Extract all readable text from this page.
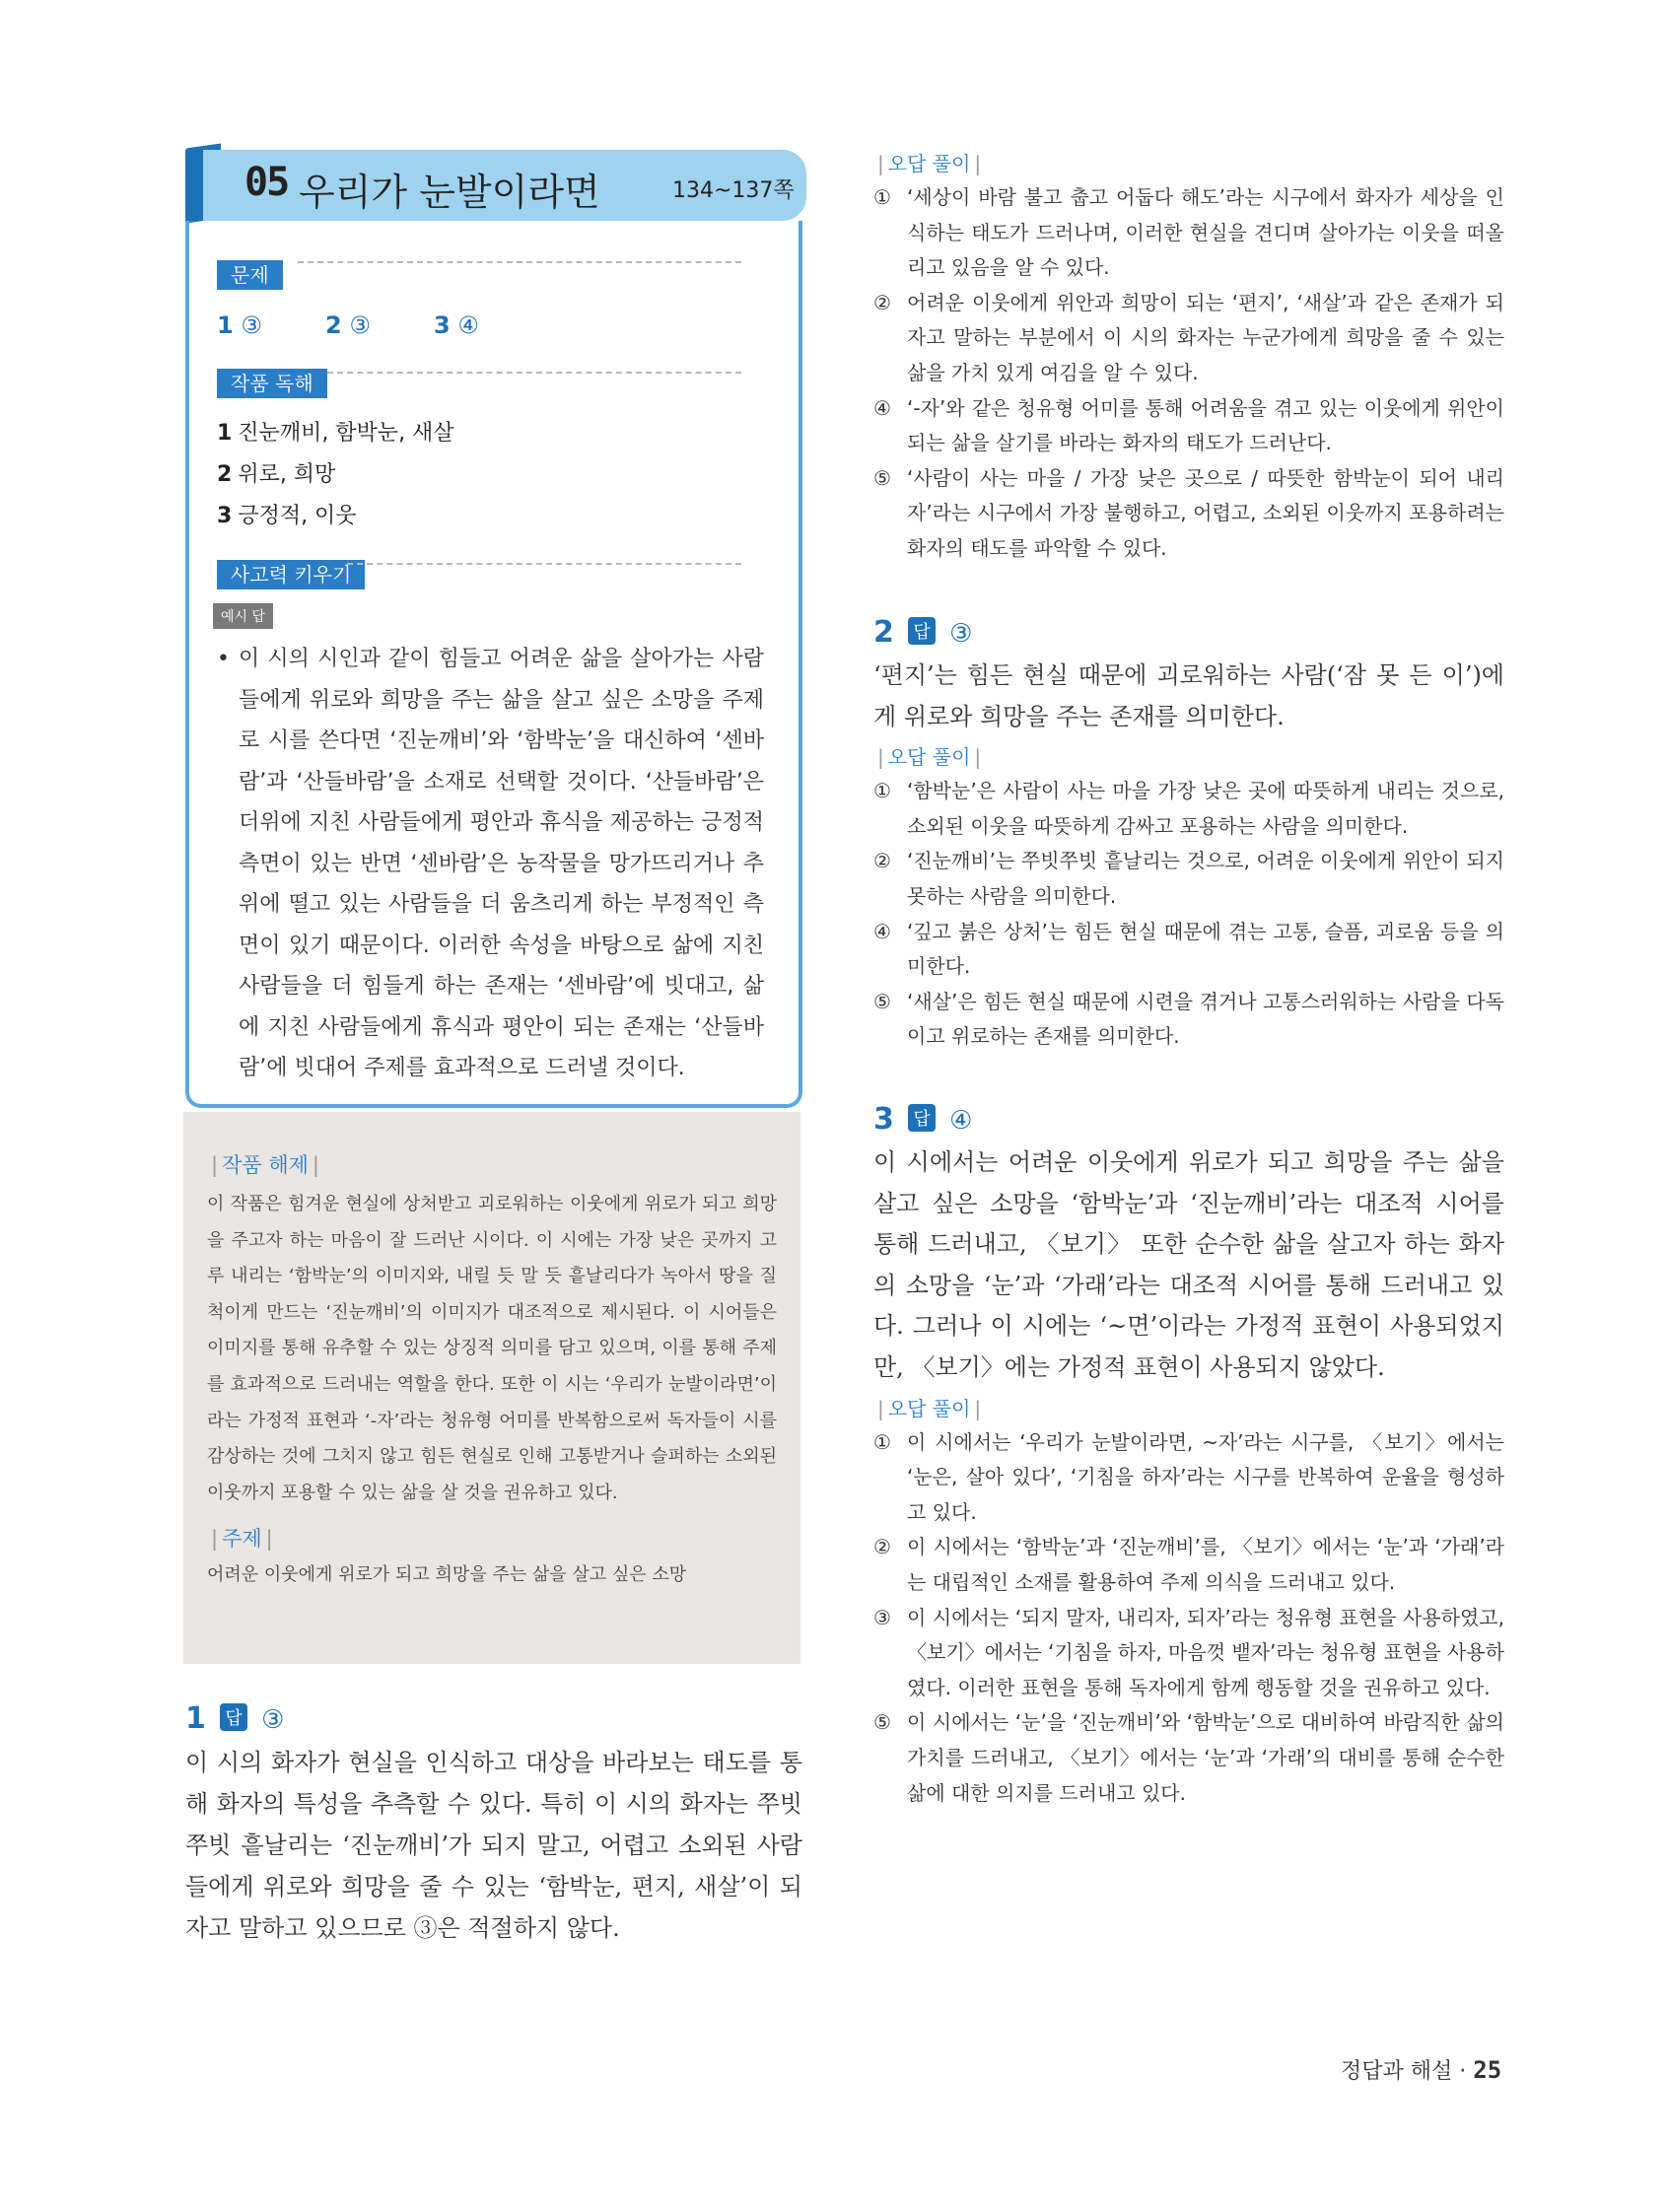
05 우리가 눈발이라면	134~137쪽
문제
1 ③	2 ③	3 ④
작품 독해
1 진눈깨비, 함박눈, 새살
2 위로, 희망
3 긍정적, 이웃
사고력 키우기
예시 답
• 이 시의 시인과 같이 힘들고 어려운 삶을 살아가는 사람들에게 위로와 희망을 주는 삶을 살고 싶은 소망을 주제로 시를 쓴다면 ‘진눈깨비’와 ‘함박눈’을 대신하여 ‘센바람’과 ‘산들바람’을 소재로 선택할 것이다. ‘산들바람’은 더위에 지친 사람들에게 평안과 휴식을 제공하는 긍정적 측면이 있는 반면 ‘센바람’은 농작물을 망가뜨리거나 추위에 떨고 있는 사람들을 더 움츠리게 하는 부정적인 측면이 있기 때문이다. 이러한 속성을 바탕으로 삶에 지친 사람들을 더 힘들게 하는 존재는 ‘센바람’에 빗대고, 삶에 지친 사람들에게 휴식과 평안이 되는 존재는 ‘산들바람’에 빗대어 주제를 효과적으로 드러낼 것이다.
| 작품 해제 |
이 작품은 힘겨운 현실에 상처받고 괴로워하는 이웃에게 위로가 되고 희망을 주고자 하는 마음이 잘 드러난 시이다. 이 시에는 가장 낮은 곳까지 고루 내리는 ‘함박눈’의 이미지와, 내릴 듯 말 듯 흩날리다가 녹아서 땅을 질척이게 만드는 ‘진눈깨비’의 이미지가 대조적으로 제시된다. 이 시어들은 이미지를 통해 유추할 수 있는 상징적 의미를 담고 있으며, 이를 통해 주제를 효과적으로 드러내는 역할을 한다. 또한 이 시는 ‘우리가 눈발이라면’이라는 가정적 표현과 ‘-자’라는 청유형 어미를 반복함으로써 독자들이 시를 감상하는 것에 그치지 않고 힘든 현실로 인해 고통받거나 슬퍼하는 소외된 이웃까지 포용할 수 있는 삶을 살 것을 권유하고 있다.
| 주제 |
어려운 이웃에게 위로가 되고 희망을 주는 삶을 살고 싶은 소망
1 답 ③
이 시의 화자가 현실을 인식하고 대상을 바라보는 태도를 통해 화자의 특성을 추측할 수 있다. 특히 이 시의 화자는 쭈빗쭈빗 흩날리는 ‘진눈깨비’가 되지 말고, 어렵고 소외된 사람들에게 위로와 희망을 줄 수 있는 ‘함박눈, 편지, 새살’이 되자고 말하고 있으므로 ③은 적절하지 않다.
| 오답 풀이 |
① ‘세상이 바람 불고 춥고 어둡다 해도’라는 시구에서 화자가 세상을 인식하는 태도가 드러나며, 이러한 현실을 견디며 살아가는 이웃을 떠올리고 있음을 알 수 있다.
② 어려운 이웃에게 위안과 희망이 되는 ‘편지’, ‘새살’과 같은 존재가 되자고 말하는 부분에서 이 시의 화자는 누군가에게 희망을 줄 수 있는 삶을 가치 있게 여김을 알 수 있다.
④ ‘-자’와 같은 청유형 어미를 통해 어려움을 겪고 있는 이웃에게 위안이 되는 삶을 살기를 바라는 화자의 태도가 드러난다.
⑤ ‘사람이 사는 마을 / 가장 낮은 곳으로 / 따뜻한 함박눈이 되어 내리자’라는 시구에서 가장 불행하고, 어렵고, 소외된 이웃까지 포용하려는 화자의 태도를 파악할 수 있다.
2 답 ③
‘편지’는 힘든 현실 때문에 괴로워하는 사람(‘잠 못 든 이’)에게 위로와 희망을 주는 존재를 의미한다.
| 오답 풀이 |
① ‘함박눈’은 사람이 사는 마을 가장 낮은 곳에 따뜻하게 내리는 것으로, 소외된 이웃을 따뜻하게 감싸고 포용하는 사람을 의미한다.
② ‘진눈깨비’는 쭈빗쭈빗 흩날리는 것으로, 어려운 이웃에게 위안이 되지 못하는 사람을 의미한다.
④ ‘깊고 붉은 상처’는 힘든 현실 때문에 겪는 고통, 슬픔, 괴로움 등을 의미한다.
⑤ ‘새살’은 힘든 현실 때문에 시련을 겪거나 고통스러워하는 사람을 다독이고 위로하는 존재를 의미한다.
3 답 ④
이 시에서는 어려운 이웃에게 위로가 되고 희망을 주는 삶을 살고 싶은 소망을 ‘함박눈’과 ‘진눈깨비’라는 대조적 시어를 통해 드러내고, 〈보기〉 또한 순수한 삶을 살고자 하는 화자의 소망을 ‘눈’과 ‘가래’라는 대조적 시어를 통해 드러내고 있다. 그러나 이 시에는 ‘~면’이라는 가정적 표현이 사용되었지만, 〈보기〉에는 가정적 표현이 사용되지 않았다.
| 오답 풀이 |
① 이 시에서는 ‘우리가 눈발이라면, ~자’라는 시구를, 〈보기〉에서는 ‘눈은, 살아 있다’, ‘기침을 하자’라는 시구를 반복하여 운율을 형성하고 있다.
② 이 시에서는 ‘함박눈’과 ‘진눈깨비’를, 〈보기〉에서는 ‘눈’과 ‘가래’라는 대립적인 소재를 활용하여 주제 의식을 드러내고 있다.
③ 이 시에서는 ‘되지 말자, 내리자, 되자’라는 청유형 표현을 사용하였고, 〈보기〉에서는 ‘기침을 하자, 마음껏 뱉자’라는 청유형 표현을 사용하였다. 이러한 표현을 통해 독자에게 함께 행동할 것을 권유하고 있다.
⑤ 이 시에서는 ‘눈’을 ‘진눈깨비’와 ‘함박눈’으로 대비하여 바람직한 삶의 가치를 드러내고, 〈보기〉에서는 ‘눈’과 ‘가래’의 대비를 통해 순수한 삶에 대한 의지를 드러내고 있다.
정답과 해설 · 25
